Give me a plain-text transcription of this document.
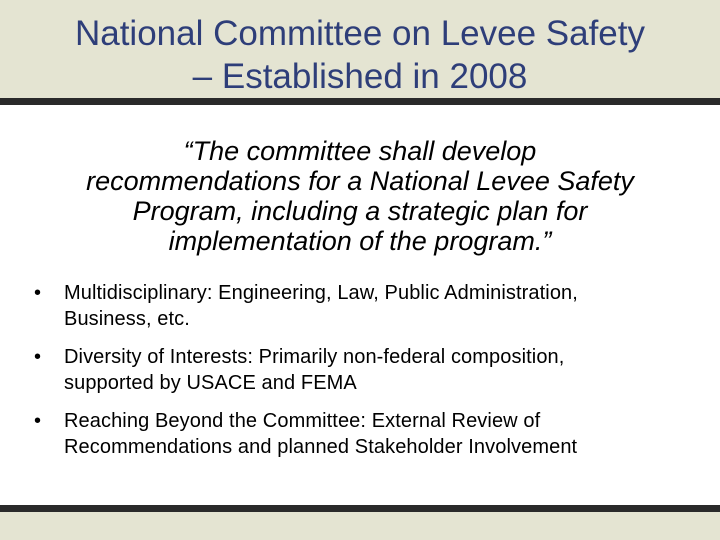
National Committee on Levee Safety
– Established in 2008

“The committee shall develop
recommendations for a National Levee Safety
Program, including a strategic plan for
implementation of the program.”

• Multidisciplinary: Engineering, Law, Public Administration,
Business, etc.
• Diversity of Interests: Primarily non-federal composition,
supported by USACE and FEMA
• Reaching Beyond the Committee: External Review of
Recommendations and planned Stakeholder Involvement
